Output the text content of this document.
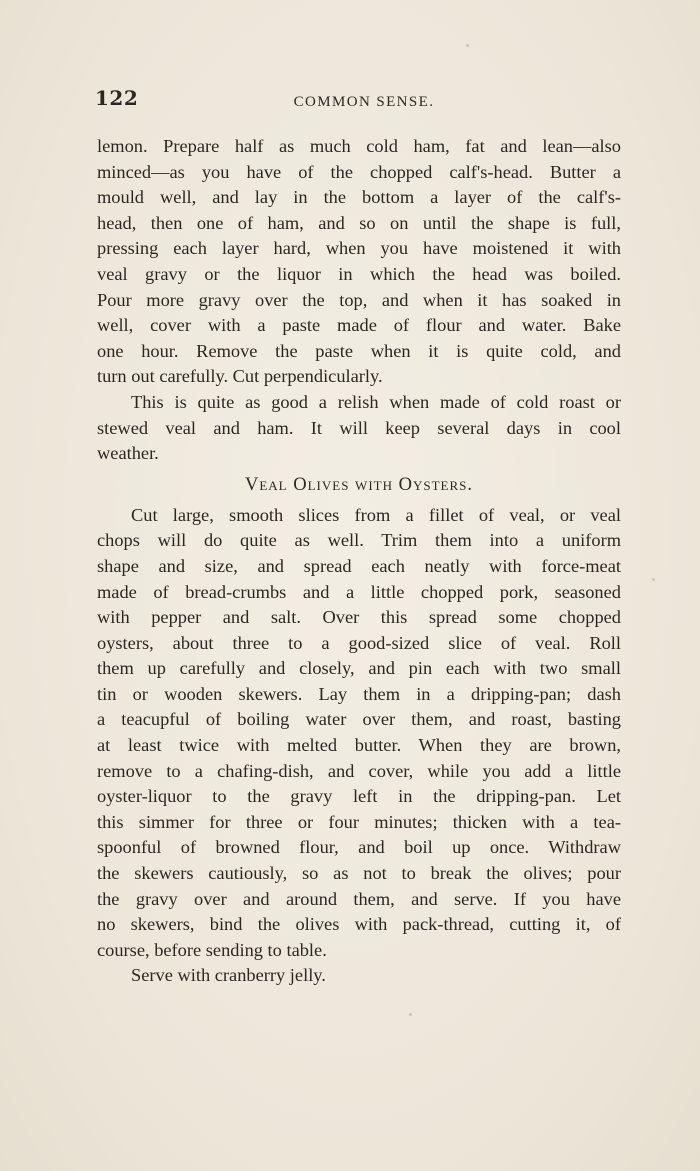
122	COMMON SENSE.
lemon. Prepare half as much cold ham, fat and lean—also
minced—as you have of the chopped calf's-head. Butter a
mould well, and lay in the bottom a layer of the calf's-
head, then one of ham, and so on until the shape is full,
pressing each layer hard, when you have moistened it with
veal gravy or the liquor in which the head was boiled.
Pour more gravy over the top, and when it has soaked in
well, cover with a paste made of flour and water. Bake
one hour. Remove the paste when it is quite cold, and
turn out carefully. Cut perpendicularly.
This is quite as good a relish when made of cold roast or
stewed veal and ham. It will keep several days in cool
weather.
Veal Olives with Oysters.
Cut large, smooth slices from a fillet of veal, or veal
chops will do quite as well. Trim them into a uniform
shape and size, and spread each neatly with force-meat
made of bread-crumbs and a little chopped pork, seasoned
with pepper and salt. Over this spread some chopped
oysters, about three to a good-sized slice of veal. Roll
them up carefully and closely, and pin each with two small
tin or wooden skewers. Lay them in a dripping-pan; dash
a teacupful of boiling water over them, and roast, basting
at least twice with melted butter. When they are brown,
remove to a chafing-dish, and cover, while you add a little
oyster-liquor to the gravy left in the dripping-pan. Let
this simmer for three or four minutes; thicken with a tea-
spoonful of browned flour, and boil up once. Withdraw
the skewers cautiously, so as not to break the olives; pour
the gravy over and around them, and serve. If you have
no skewers, bind the olives with pack-thread, cutting it, of
course, before sending to table.
Serve with cranberry jelly.
